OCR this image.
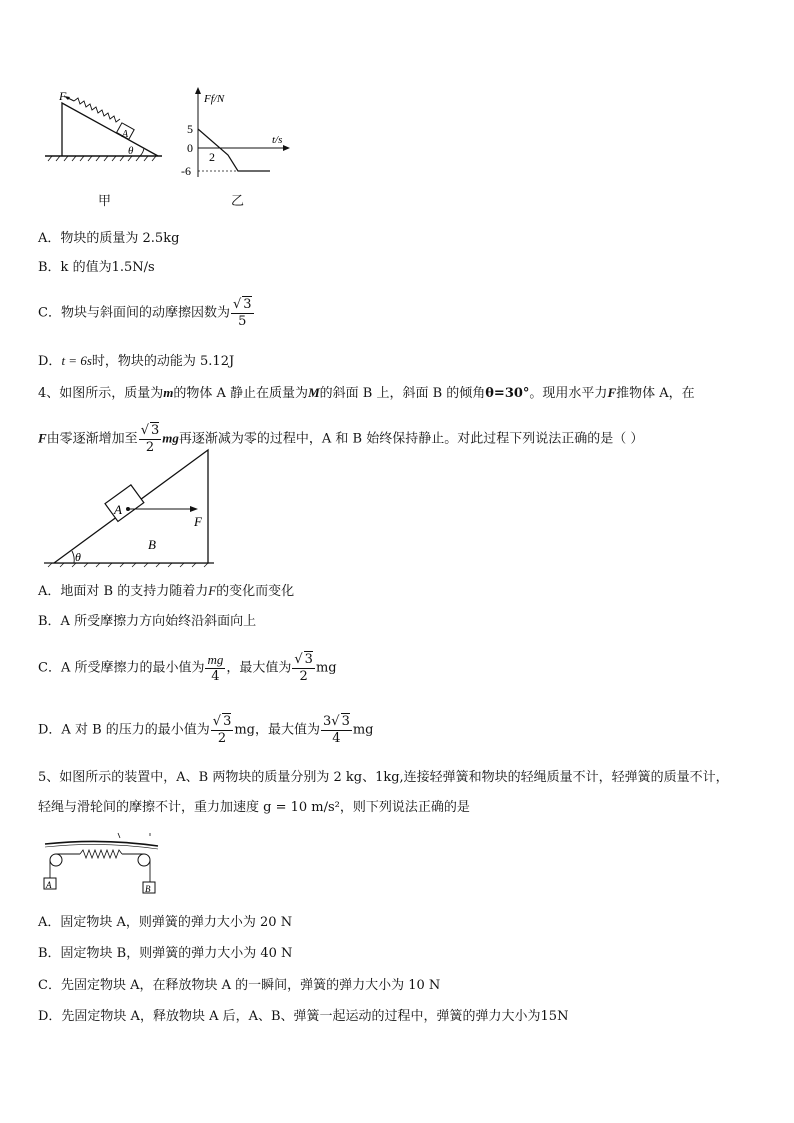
F
A
θ
甲
Ff/N
t/s
5
0
-6
2
乙
A．物块的质量为 2.5kg
B．k 的值为1.5N/s
C．物块与斜面间的动摩擦因数为 $\frac{√ 3}{5}$
D．t = 6s时，物块的动能为 5.12J
4、如图所示，质量为m的物体 A 静止在质量为M的斜面 B 上，斜面 B 的倾角θ=30°。现用水平力F推物体 A，在
F由零逐渐增加至 $\frac{√ 3}{2}$ mg再逐渐减为零的过程中，A 和 B 始终保持静止。对此过程下列说法正确的是（ ）
A
F
B
θ
A．地面对 B 的支持力随着力F的变化而变化
B．A 所受摩擦力方向始终沿斜面向上
C．A 所受摩擦力的最小值为 $\frac{mg}{4}$ ，最大值为 $\frac{√ 3}{2}$ mg
D．A 对 B 的压力的最小值为 $\frac{√ 3}{2}$ mg，最大值为 $\frac{3√ 3}{4}$ mg
5、如图所示的装置中，A、B 两物块的质量分别为 2 kg、1kg,连接轻弹簧和物块的轻绳质量不计，轻弹簧的质量不计，
轻绳与滑轮间的摩擦不计，重力加速度 g = 10 m/s²，则下列说法正确的是
A	B
A．固定物块 A，则弹簧的弹力大小为 20 N
B．固定物块 B，则弹簧的弹力大小为 40 N
C．先固定物块 A，在释放物块 A 的一瞬间，弹簧的弹力大小为 10 N
D．先固定物块 A，释放物块 A 后，A、B、弹簧一起运动的过程中，弹簧的弹力大小为15N
